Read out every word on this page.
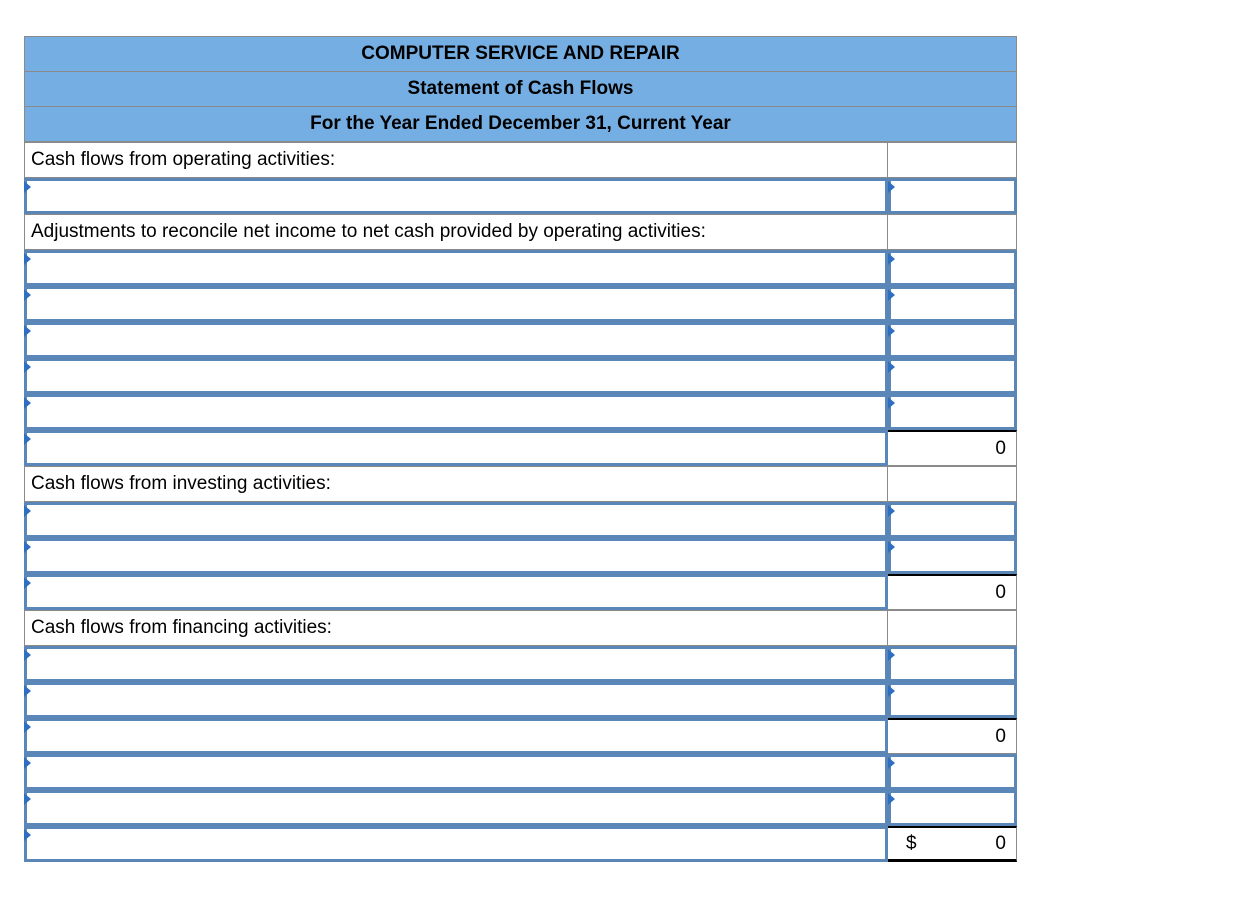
COMPUTER SERVICE AND REPAIR
Statement of Cash Flows
For the Year Ended December 31, Current Year
Cash flows from operating activities:
Adjustments to reconcile net income to net cash provided by operating activities:
0
Cash flows from investing activities:
0
Cash flows from financing activities:
0
$	0
